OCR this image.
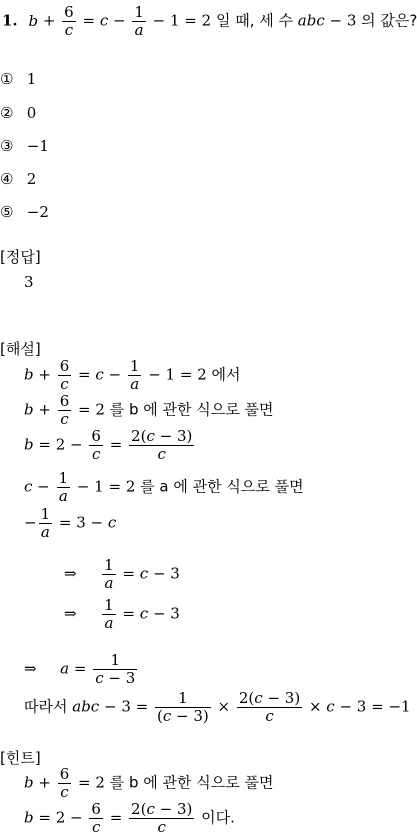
1. $b + \frac{6}{c} = c - \frac{1}{a} - 1 = 2$ 일 때, 세 수 abc − 3 의 값은?
① 1
② 0
③ −1
④ 2
⑤ −2
[정답]
3
[해설]
$b + \frac{6}{c} = c - \frac{1}{a} - 1 = 2$ 에서
$b + \frac{6}{c} = 2$ 를 b 에 관한 식으로 풀면
$b = 2 - \frac{6}{c} = \frac{2(c - 3)}{c}$
$c - \frac{1}{a} - 1 = 2$ 를 a 에 관한 식으로 풀면
− $\frac{1}{a} = 3 - c$
⇒ $\frac{1}{a} = c - 3$
⇒ $\frac{1}{a} = c - 3$
⇒ $a = \frac{1}{c - 3}$
따라서 abc − $3 = \frac{1}{(c - 3)} \times \frac{2(c - 3)}{c} \times c - 3 = -1$
[힌트]
$b + \frac{6}{c} = 2$ 를 b 에 관한 식으로 풀면
$b = 2 - \frac{6}{c} = \frac{2(c - 3)}{c}$ 이다.
